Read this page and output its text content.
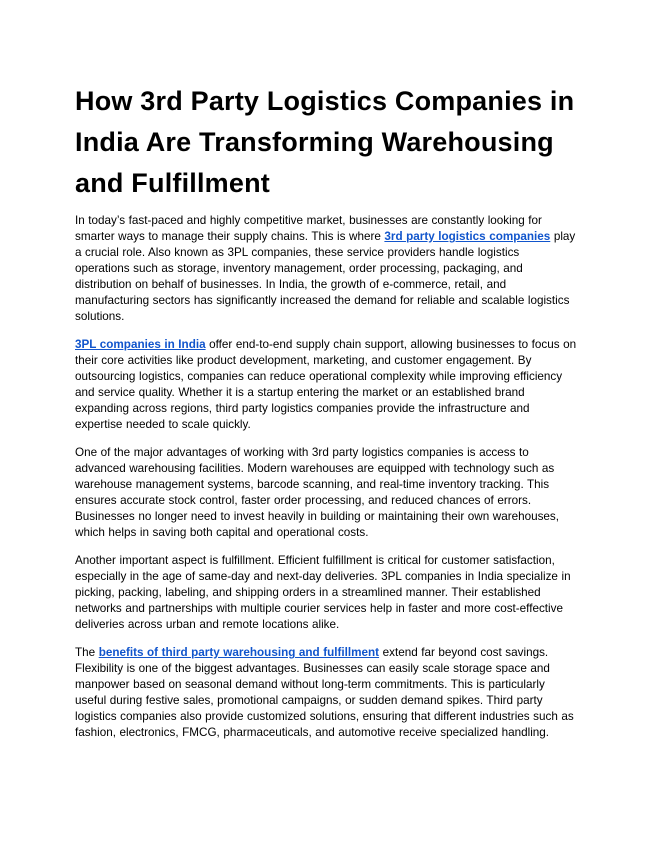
How 3rd Party Logistics Companies in India Are Transforming Warehousing and Fulfillment

In today’s fast-paced and highly competitive market, businesses are constantly looking for smarter ways to manage their supply chains. This is where 3rd party logistics companies play a crucial role. Also known as 3PL companies, these service providers handle logistics operations such as storage, inventory management, order processing, packaging, and distribution on behalf of businesses. In India, the growth of e-commerce, retail, and manufacturing sectors has significantly increased the demand for reliable and scalable logistics solutions.

3PL companies in India offer end-to-end supply chain support, allowing businesses to focus on their core activities like product development, marketing, and customer engagement. By outsourcing logistics, companies can reduce operational complexity while improving efficiency and service quality. Whether it is a startup entering the market or an established brand expanding across regions, third party logistics companies provide the infrastructure and expertise needed to scale quickly.

One of the major advantages of working with 3rd party logistics companies is access to advanced warehousing facilities. Modern warehouses are equipped with technology such as warehouse management systems, barcode scanning, and real-time inventory tracking. This ensures accurate stock control, faster order processing, and reduced chances of errors. Businesses no longer need to invest heavily in building or maintaining their own warehouses, which helps in saving both capital and operational costs.

Another important aspect is fulfillment. Efficient fulfillment is critical for customer satisfaction, especially in the age of same-day and next-day deliveries. 3PL companies in India specialize in picking, packing, labeling, and shipping orders in a streamlined manner. Their established networks and partnerships with multiple courier services help in faster and more cost-effective deliveries across urban and remote locations alike.

The benefits of third party warehousing and fulfillment extend far beyond cost savings. Flexibility is one of the biggest advantages. Businesses can easily scale storage space and manpower based on seasonal demand without long-term commitments. This is particularly useful during festive sales, promotional campaigns, or sudden demand spikes. Third party logistics companies also provide customized solutions, ensuring that different industries such as fashion, electronics, FMCG, pharmaceuticals, and automotive receive specialized handling.
